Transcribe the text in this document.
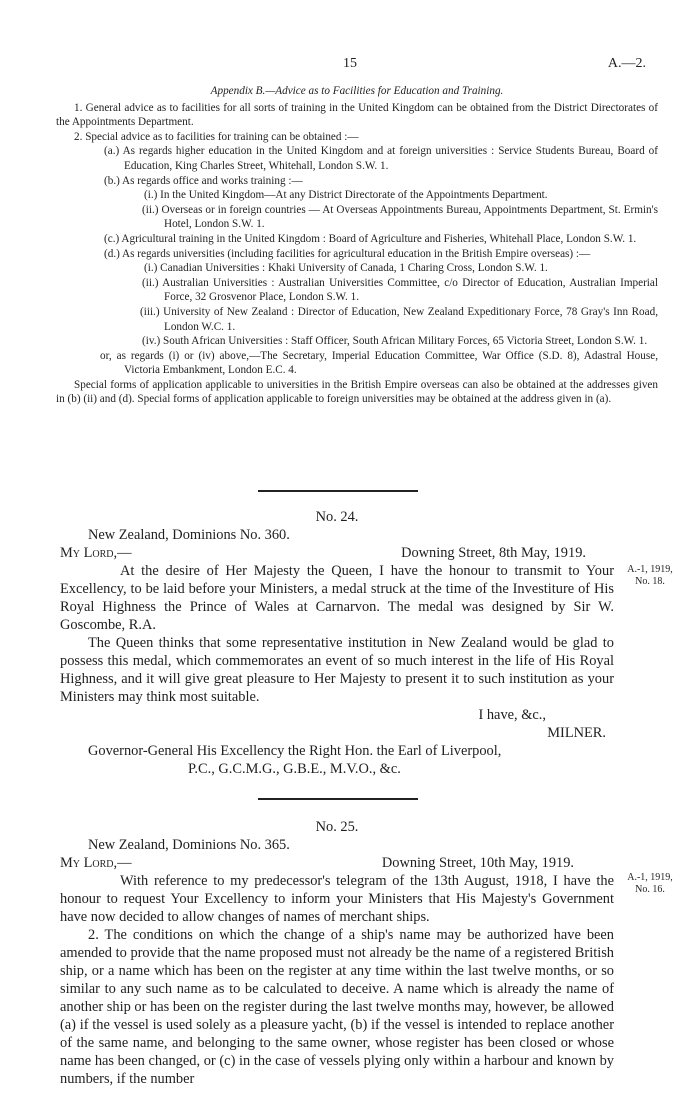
15	A.—2.

Appendix B.—Advice as to Facilities for Education and Training.

1. General advice as to facilities for all sorts of training in the United Kingdom can be obtained from the District Directorates of the Appointments Department.

2. Special advice as to facilities for training can be obtained :—

(a.) As regards higher education in the United Kingdom and at foreign universities : Service Students Bureau, Board of Education, King Charles Street, Whitehall, London S.W. 1.

(b.) As regards office and works training :—

(i.) In the United Kingdom—At any District Directorate of the Appointments Department.

(ii.) Overseas or in foreign countries — At Overseas Appointments Bureau, Appointments Department, St. Ermin's Hotel, London S.W. 1.

(c.) Agricultural training in the United Kingdom : Board of Agriculture and Fisheries, Whitehall Place, London S.W. 1.

(d.) As regards universities (including facilities for agricultural education in the British Empire overseas) :—

(i.) Canadian Universities : Khaki University of Canada, 1 Charing Cross, London S.W. 1.

(ii.) Australian Universities : Australian Universities Committee, c/o Director of Education, Australian Imperial Force, 32 Grosvenor Place, London S.W. 1.

(iii.) University of New Zealand : Director of Education, New Zealand Expeditionary Force, 78 Gray's Inn Road, London W.C. 1.

(iv.) South African Universities : Staff Officer, South African Military Forces, 65 Victoria Street, London S.W. 1.

or, as regards (i) or (iv) above,—The Secretary, Imperial Education Committee, War Office (S.D. 8), Adastral House, Victoria Embankment, London E.C. 4.

Special forms of application applicable to universities in the British Empire overseas can also be obtained at the addresses given in (b) (ii) and (d). Special forms of application applicable to foreign universities may be obtained at the address given in (a).

No. 24.

New Zealand, Dominions No. 360.

My Lord,—	Downing Street, 8th May, 1919.

At the desire of Her Majesty the Queen, I have the honour to transmit to Your Excellency, to be laid before your Ministers, a medal struck at the time of the Investiture of His Royal Highness the Prince of Wales at Carnarvon. The medal was designed by Sir W. Goscombe, R.A.

The Queen thinks that some representative institution in New Zealand would be glad to possess this medal, which commemorates an event of so much interest in the life of His Royal Highness, and it will give great pleasure to Her Majesty to present it to such institution as your Ministers may think most suitable.

I have, &c.,

MILNER.

Governor-General His Excellency the Right Hon. the Earl of Liverpool,

P.C., G.C.M.G., G.B.E., M.V.O., &c.

A.-1, 1919,
No. 18.

No. 25.

New Zealand, Dominions No. 365.

My Lord,—	Downing Street, 10th May, 1919.

With reference to my predecessor's telegram of the 13th August, 1918, I have the honour to request Your Excellency to inform your Ministers that His Majesty's Government have now decided to allow changes of names of merchant ships.

2. The conditions on which the change of a ship's name may be authorized have been amended to provide that the name proposed must not already be the name of a registered British ship, or a name which has been on the register at any time within the last twelve months, or so similar to any such name as to be calculated to deceive. A name which is already the name of another ship or has been on the register during the last twelve months may, however, be allowed (a) if the vessel is used solely as a pleasure yacht, (b) if the vessel is intended to replace another of the same name, and belonging to the same owner, whose register has been closed or whose name has been changed, or (c) in the case of vessels plying only within a harbour and known by numbers, if the number

A.-1, 1919,
No. 16.
